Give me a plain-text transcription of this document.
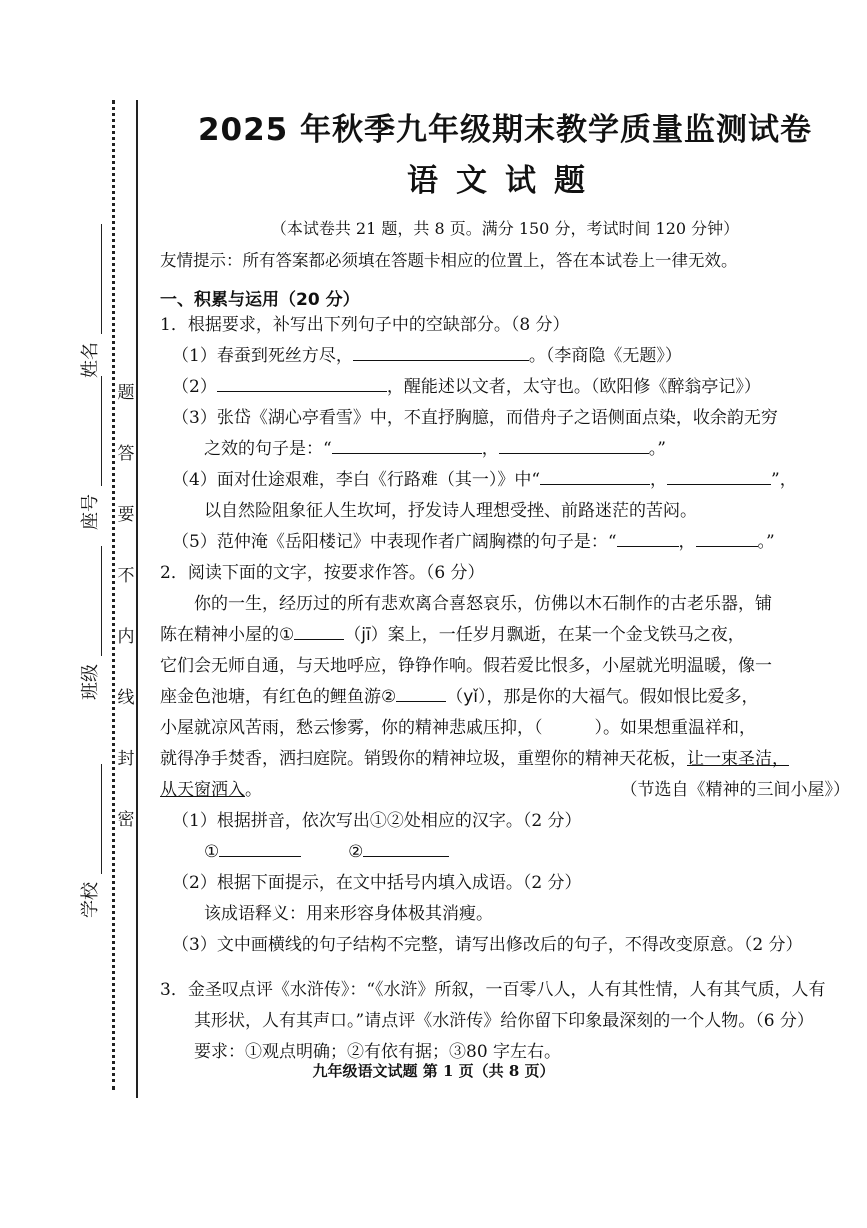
姓名
座号
班级
学校
题
答
要
不
内
线
封
密
2025 年秋季九年级期末教学质量监测试卷
语文试题
（本试卷共 21 题，共 8 页。满分 150 分，考试时间 120 分钟）
友情提示：所有答案都必须填在答题卡相应的位置上，答在本试卷上一律无效。
一、积累与运用（20 分）
1．根据要求，补写出下列句子中的空缺部分。（8 分）
（1）春蚕到死丝方尽，	。（李商隐《无题》）
（2）	，醒能述以文者，太守也。（欧阳修《醉翁亭记》）
（3）张岱《湖心亭看雪》中，不直抒胸臆，而借舟子之语侧面点染，收余韵无穷
之效的句子是：“	，	。”
（4）面对仕途艰难，李白《行路难（其一）》中“	，	”，
以自然险阻象征人生坎坷，抒发诗人理想受挫、前路迷茫的苦闷。
（5）范仲淹《岳阳楼记》中表现作者广阔胸襟的句子是：“	，	。”
2．阅读下面的文字，按要求作答。（6 分）
你的一生，经历过的所有悲欢离合喜怒哀乐，仿佛以木石制作的古老乐器，铺
陈在精神小屋的①	（jī）案上，一任岁月飘逝，在某一个金戈铁马之夜，
它们会无师自通，与天地呼应，铮铮作响。假若爱比恨多，小屋就光明温暖，像一
座金色池塘，有红色的鲤鱼游②	（yǐ），那是你的大福气。假如恨比爱多，
小屋就凉风苦雨，愁云惨雾，你的精神悲戚压抑，（	）。如果想重温祥和，
就得净手焚香，洒扫庭院。销毁你的精神垃圾，重塑你的精神天花板，让一束圣洁，
从天窗洒入。	（节选自《精神的三间小屋》）
（1）根据拼音，依次写出①②处相应的汉字。（2 分）
①	②
（2）根据下面提示，在文中括号内填入成语。（2 分）
该成语释义：用来形容身体极其消瘦。
（3）文中画横线的句子结构不完整，请写出修改后的句子，不得改变原意。（2 分）
3．金圣叹点评《水浒传》：“《水浒》所叙，一百零八人，人有其性情，人有其气质，人有
其形状，人有其声口。”请点评《水浒传》给你留下印象最深刻的一个人物。（6 分）
要求：①观点明确；②有依有据；③80 字左右。
九年级语文试题 第 1 页（共 8 页）
